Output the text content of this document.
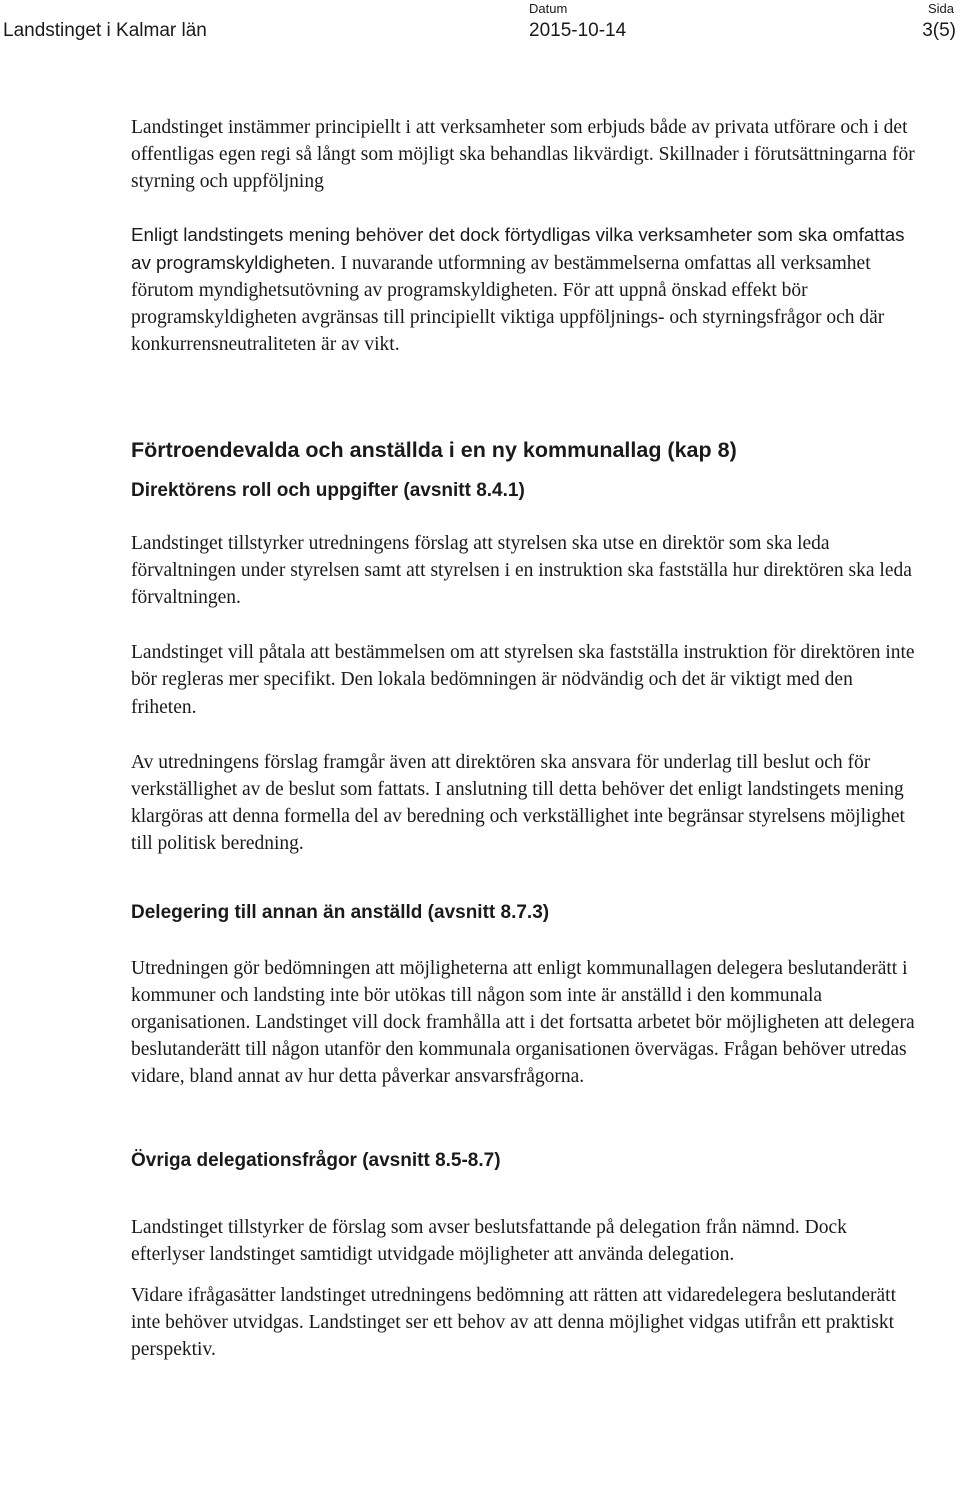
Landstinget i Kalmar län
Datum
2015-10-14
Sida
3(5)

Landstinget instämmer principiellt i att verksamheter som erbjuds både av privata utförare och i det offentligas egen regi så långt som möjligt ska behandlas likvärdigt. Skillnader i förutsättningarna för styrning och uppföljning

Enligt landstingets mening behöver det dock förtydligas vilka verksamheter som ska omfattas av programskyldigheten. I nuvarande utformning av bestämmelserna omfattas all verksamhet förutom myndighetsutövning av programskyldigheten. För att uppnå önskad effekt bör programskyldigheten avgränsas till principiellt viktiga uppföljnings- och styrningsfrågor och där konkurrensneutraliteten är av vikt.

Förtroendevalda och anställda i en ny kommunallag (kap 8)
Direktörens roll och uppgifter (avsnitt 8.4.1)

Landstinget tillstyrker utredningens förslag att styrelsen ska utse en direktör som ska leda förvaltningen under styrelsen samt att styrelsen i en instruktion ska fastställa hur direktören ska leda förvaltningen.

Landstinget vill påtala att bestämmelsen om att styrelsen ska fastställa instruktion för direktören inte bör regleras mer specifikt. Den lokala bedömningen är nödvändig och det är viktigt med den friheten.

Av utredningens förslag framgår även att direktören ska ansvara för underlag till beslut och för verkställighet av de beslut som fattats. I anslutning till detta behöver det enligt landstingets mening klargöras att denna formella del av beredning och verkställighet inte begränsar styrelsens möjlighet till politisk beredning.

Delegering till annan än anställd (avsnitt 8.7.3)

Utredningen gör bedömningen att möjligheterna att enligt kommunallagen delegera beslutanderätt i kommuner och landsting inte bör utökas till någon som inte är anställd i den kommunala organisationen. Landstinget vill dock framhålla att i det fortsatta arbetet bör möjligheten att delegera beslutanderätt till någon utanför den kommunala organisationen övervägas. Frågan behöver utredas vidare, bland annat av hur detta påverkar ansvarsfrågorna.

Övriga delegationsfrågor (avsnitt 8.5-8.7)

Landstinget tillstyrker de förslag som avser beslutsfattande på delegation från nämnd. Dock efterlyser landstinget samtidigt utvidgade möjligheter att använda delegation.

Vidare ifrågasätter landstinget utredningens bedömning att rätten att vidaredelegera beslutanderätt inte behöver utvidgas. Landstinget ser ett behov av att denna möjlighet vidgas utifrån ett praktiskt perspektiv.
